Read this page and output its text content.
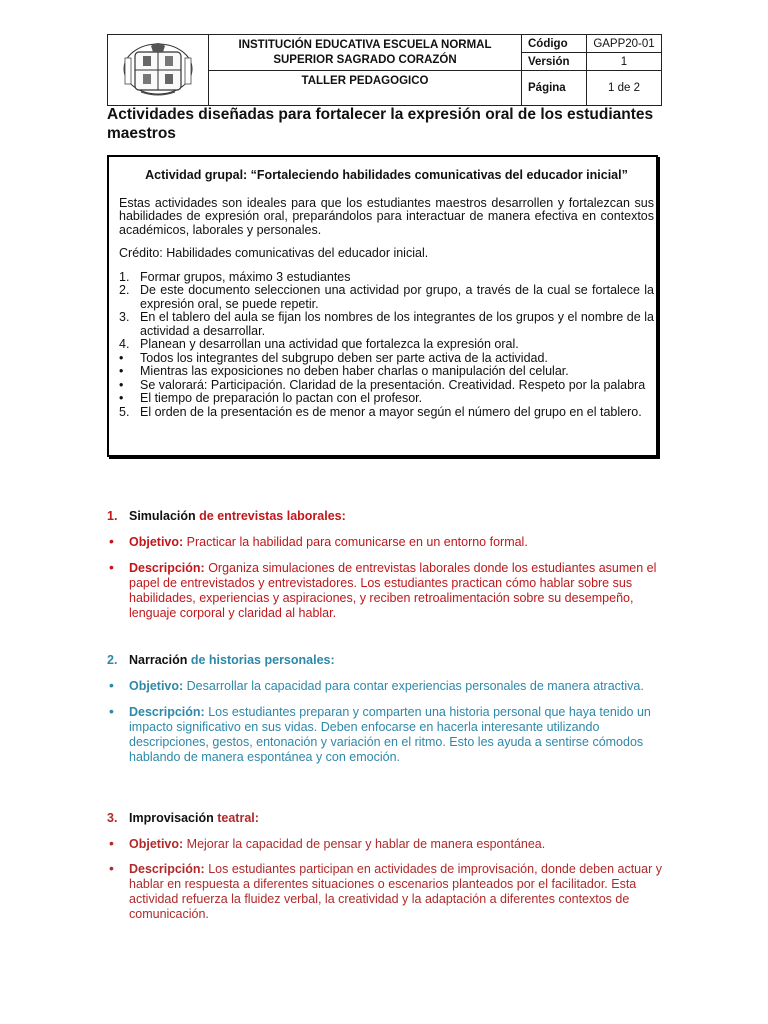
INSTITUCIÓN EDUCATIVA ESCUELA NORMAL
SUPERIOR SAGRADO CORAZÓN	Código	GAPP20-01
		Versión	1
	TALLER PEDAGOGICO	Página	1 de 2
Actividades diseñadas para fortalecer la expresión oral de los estudiantes maestros

Actividad grupal: “Fortaleciendo habilidades comunicativas del educador inicial”

Estas actividades son ideales para que los estudiantes maestros desarrollen y fortalezcan sus habilidades de expresión oral, preparándolos para interactuar de manera efectiva en contextos académicos, laborales y personales.

Crédito: Habilidades comunicativas del educador inicial.

1. Formar grupos, máximo 3 estudiantes
2. De este documento seleccionen una actividad por grupo, a través de la cual se fortalece la expresión oral, se puede repetir.
3. En el tablero del aula se fijan los nombres de los integrantes de los grupos y el nombre de la actividad a desarrollar.
4. Planean y desarrollan una actividad que fortalezca la expresión oral.
• Todos los integrantes del subgrupo deben ser parte activa de la actividad.
• Mientras las exposiciones no deben haber charlas o manipulación del celular.
• Se valorará: Participación. Claridad de la presentación. Creatividad. Respeto por la palabra
• El tiempo de preparación lo pactan con el profesor.
5. El orden de la presentación es de menor a mayor según el número del grupo en el tablero.

1. Simulación de entrevistas laborales:

• Objetivo: Practicar la habilidad para comunicarse en un entorno formal.

• Descripción: Organiza simulaciones de entrevistas laborales donde los estudiantes asumen el papel de entrevistados y entrevistadores. Los estudiantes practican cómo hablar sobre sus habilidades, experiencias y aspiraciones, y reciben retroalimentación sobre su desempeño, lenguaje corporal y claridad al hablar.

2. Narración de historias personales:

• Objetivo: Desarrollar la capacidad para contar experiencias personales de manera atractiva.

• Descripción: Los estudiantes preparan y comparten una historia personal que haya tenido un impacto significativo en sus vidas. Deben enfocarse en hacerla interesante utilizando descripciones, gestos, entonación y variación en el ritmo. Esto les ayuda a sentirse cómodos hablando de manera espontánea y con emoción.

3. Improvisación teatral:

• Objetivo: Mejorar la capacidad de pensar y hablar de manera espontánea.

• Descripción: Los estudiantes participan en actividades de improvisación, donde deben actuar y hablar en respuesta a diferentes situaciones o escenarios planteados por el facilitador. Esta actividad refuerza la fluidez verbal, la creatividad y la adaptación a diferentes contextos de comunicación.
